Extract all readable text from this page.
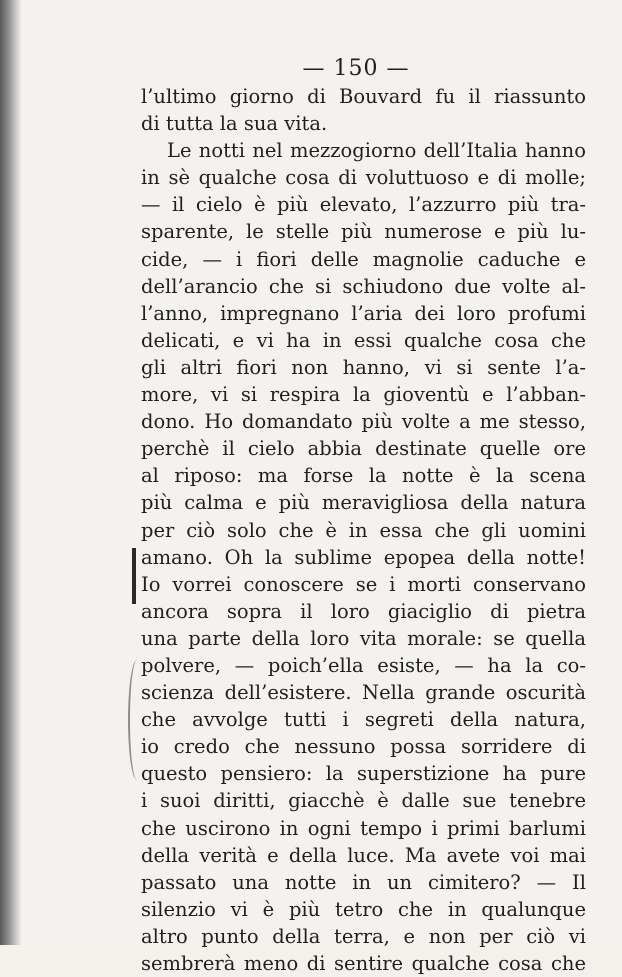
— 150 —
l’ultimo giorno di Bouvard fu il riassunto
di tutta la sua vita.
Le notti nel mezzogiorno dell’Italia hanno
in sè qualche cosa di voluttuoso e di molle;
— il cielo è più elevato, l’azzurro più tra-
sparente, le stelle più numerose e più lu-
cide, — i fiori delle magnolie caduche e
dell’arancio che si schiudono due volte al-
l’anno, impregnano l’aria dei loro profumi
delicati, e vi ha in essi qualche cosa che
gli altri fiori non hanno, vi si sente l’a-
more, vi si respira la gioventù e l’abban-
dono. Ho domandato più volte a me stesso,
perchè il cielo abbia destinate quelle ore
al riposo: ma forse la notte è la scena
più calma e più meravigliosa della natura
per ciò solo che è in essa che gli uomini
amano. Oh la sublime epopea della notte!
Io vorrei conoscere se i morti conservano
ancora sopra il loro giaciglio di pietra
una parte della loro vita morale: se quella
polvere, — poich’ella esiste, — ha la co-
scienza dell’esistere. Nella grande oscurità
che avvolge tutti i segreti della natura,
io credo che nessuno possa sorridere di
questo pensiero: la superstizione ha pure
i suoi diritti, giacchè è dalle sue tenebre
che uscirono in ogni tempo i primi barlumi
della verità e della luce. Ma avete voi mai
passato una notte in un cimitero? — Il
silenzio vi è più tetro che in qualunque
altro punto della terra, e non per ciò vi
sembrerà meno di sentire qualche cosa che
